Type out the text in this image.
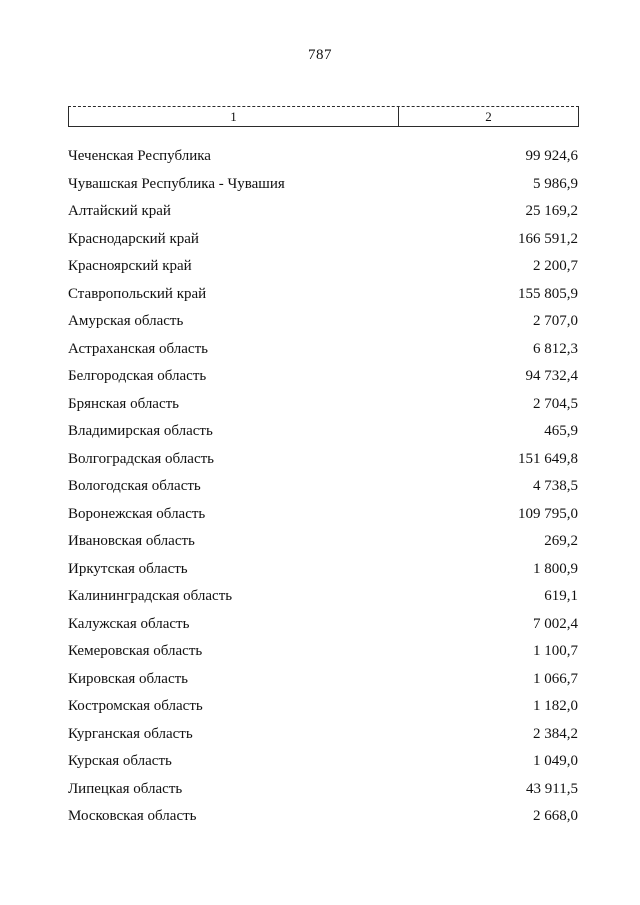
787
1	2
Чеченская Республика	99 924,6
Чувашская Республика - Чувашия	5 986,9
Алтайский край	25 169,2
Краснодарский край	166 591,2
Красноярский край	2 200,7
Ставропольский край	155 805,9
Амурская область	2 707,0
Астраханская область	6 812,3
Белгородская область	94 732,4
Брянская область	2 704,5
Владимирская область	465,9
Волгоградская область	151 649,8
Вологодская область	4 738,5
Воронежская область	109 795,0
Ивановская область	269,2
Иркутская область	1 800,9
Калининградская область	619,1
Калужская область	7 002,4
Кемеровская область	1 100,7
Кировская область	1 066,7
Костромская область	1 182,0
Курганская область	2 384,2
Курская область	1 049,0
Липецкая область	43 911,5
Московская область	2 668,0
